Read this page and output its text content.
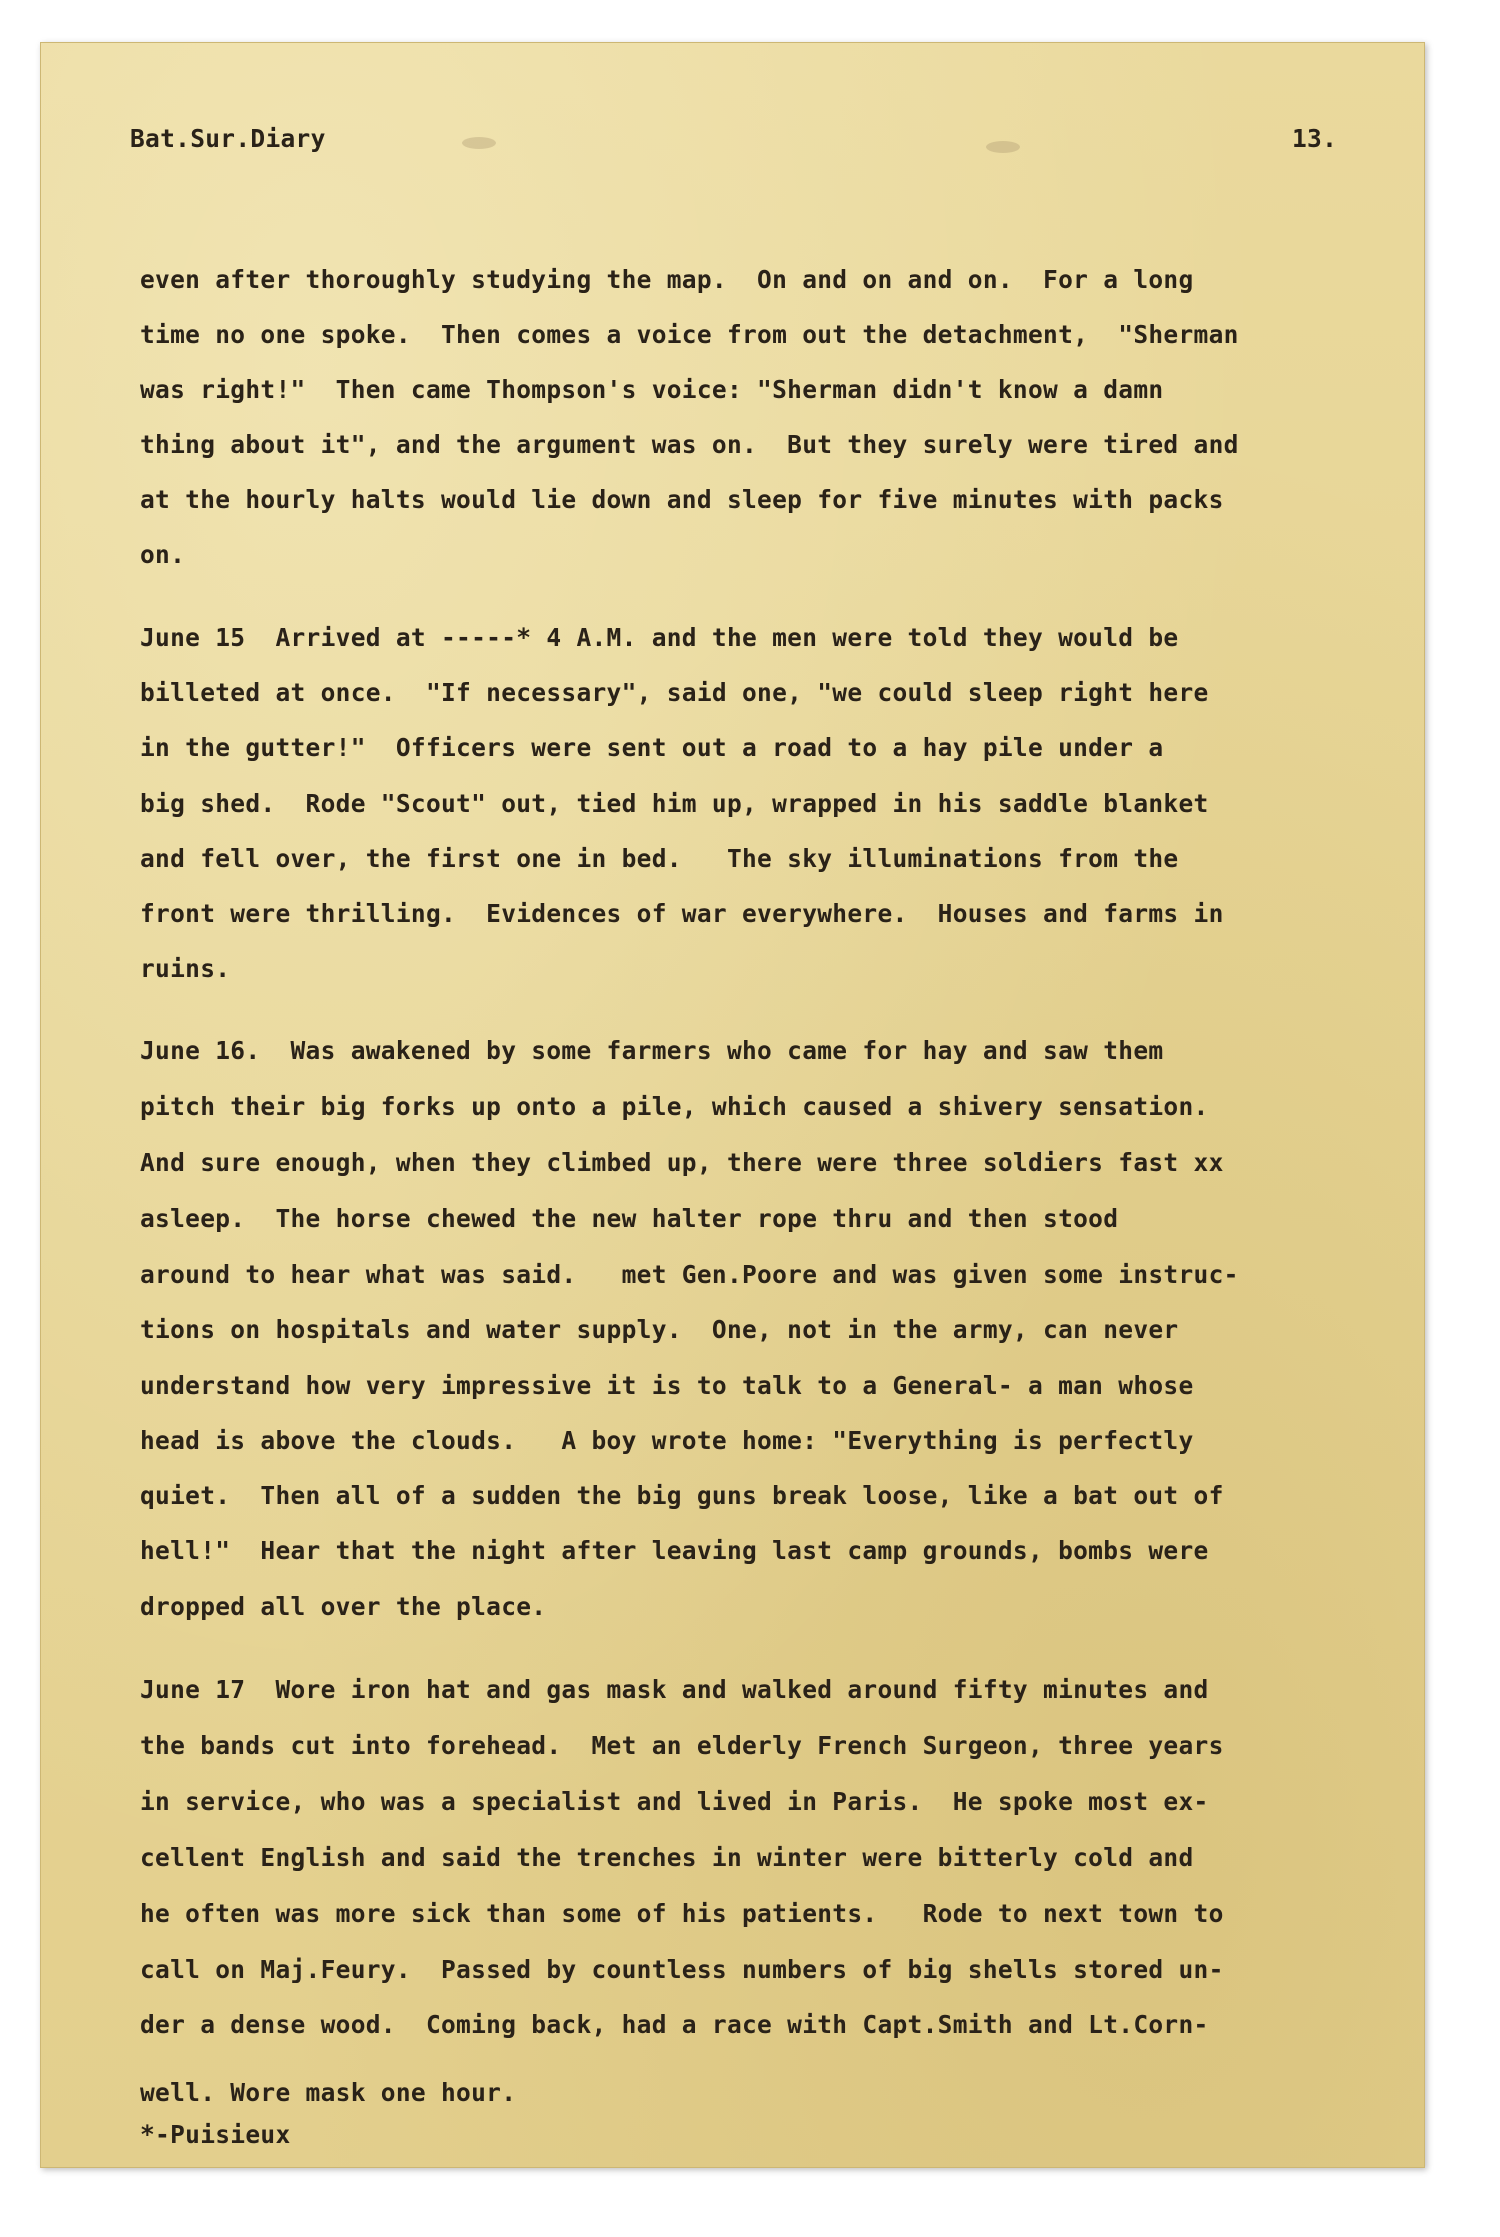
Bat.Sur.Diary	13.
even after thoroughly studying the map.  On and on and on.  For a long
time no one spoke.  Then comes a voice from out the detachment,  "Sherman
was right!"  Then came Thompson's voice: "Sherman didn't know a damn
thing about it", and the argument was on.  But they surely were tired and
at the hourly halts would lie down and sleep for five minutes with packs
on.
June 15  Arrived at -----* 4 A.M. and the men were told they would be
billeted at once.  "If necessary", said one, "we could sleep right here
in the gutter!"  Officers were sent out a road to a hay pile under a
big shed.  Rode "Scout" out, tied him up, wrapped in his saddle blanket
and fell over, the first one in bed.   The sky illuminations from the
front were thrilling.  Evidences of war everywhere.  Houses and farms in
ruins.
June 16.  Was awakened by some farmers who came for hay and saw them
pitch their big forks up onto a pile, which caused a shivery sensation.
And sure enough, when they climbed up, there were three soldiers fast xx
asleep.  The horse chewed the new halter rope thru and then stood
around to hear what was said.   met Gen.Poore and was given some instruc-
tions on hospitals and water supply.  One, not in the army, can never
understand how very impressive it is to talk to a General- a man whose
head is above the clouds.   A boy wrote home: "Everything is perfectly
quiet.  Then all of a sudden the big guns break loose, like a bat out of
hell!"  Hear that the night after leaving last camp grounds, bombs were
dropped all over the place.
June 17  Wore iron hat and gas mask and walked around fifty minutes and
the bands cut into forehead.  Met an elderly French Surgeon, three years
in service, who was a specialist and lived in Paris.  He spoke most ex-
cellent English and said the trenches in winter were bitterly cold and
he often was more sick than some of his patients.   Rode to next town to
call on Maj.Feury.  Passed by countless numbers of big shells stored un-
der a dense wood.  Coming back, had a race with Capt.Smith and Lt.Corn-
well. Wore mask one hour.
*-Puisieux
